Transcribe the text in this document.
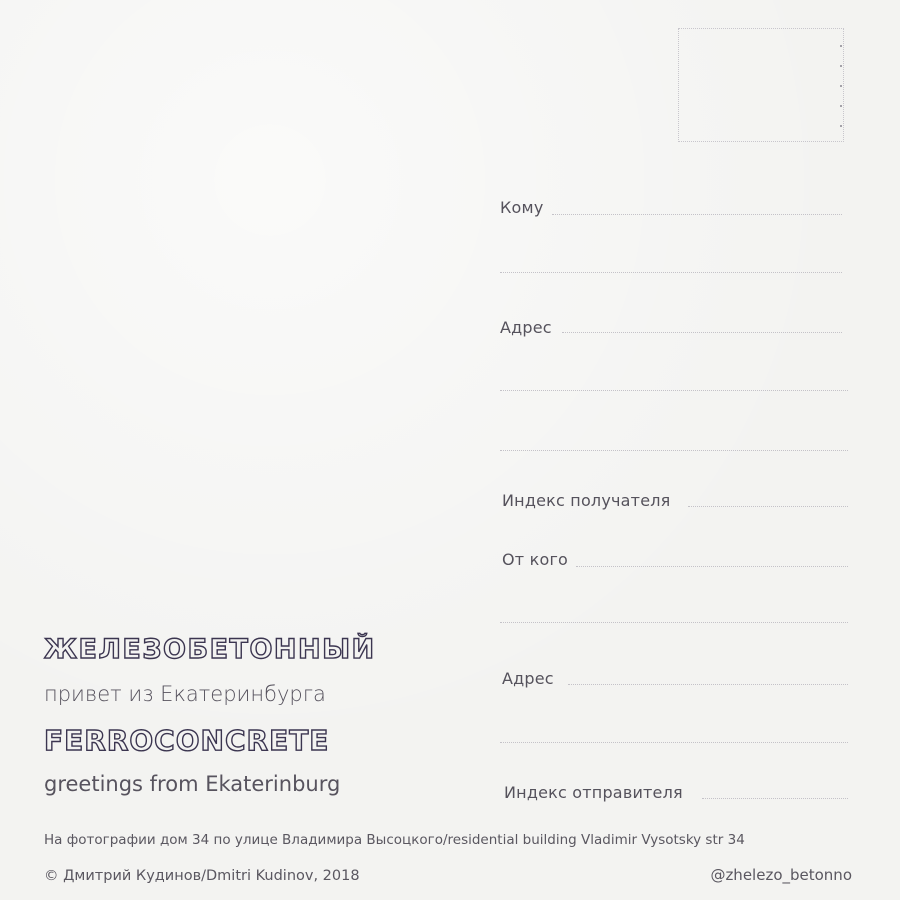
Кому
Адрес
Индекс получателя
От кого
Адрес
Индекс отправителя
ЖЕЛЕЗОБЕТОННЫЙ
привет из Екатеринбурга
FERROCONCRETE
greetings from Ekaterinburg
На фотографии дом 34 по улице Владимира Высоцкого/residential building Vladimir Vysotsky str 34
© Дмитрий Кудинов/Dmitri Kudinov, 2018	@zhelezo_betonno
